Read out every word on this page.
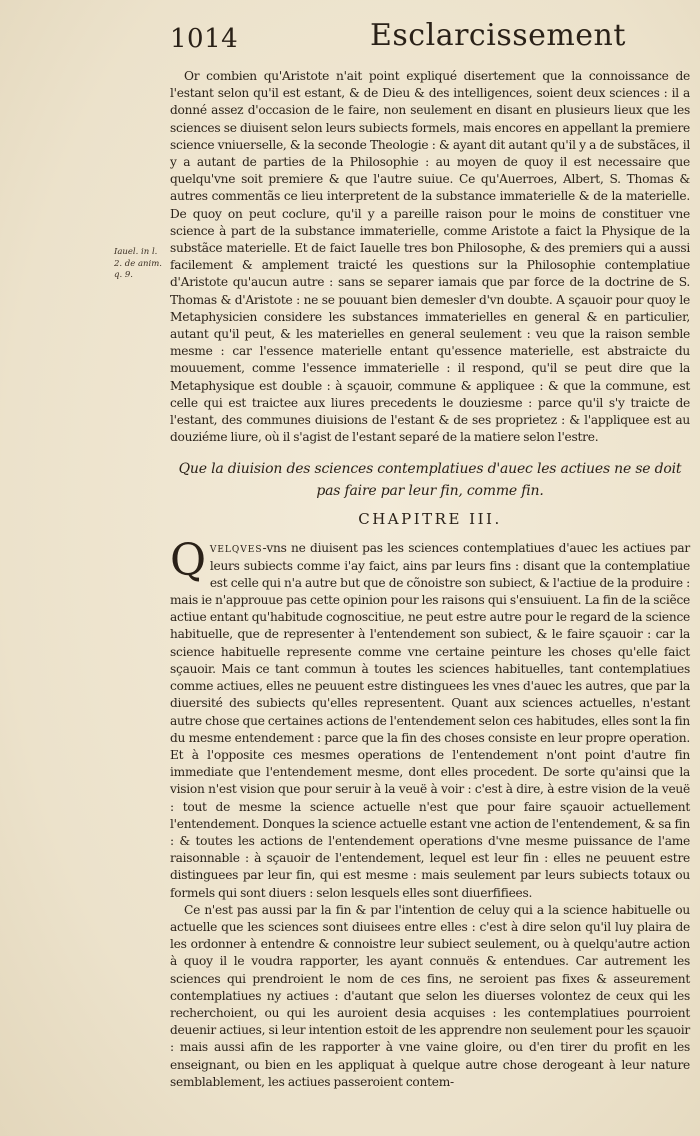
1014	Esclarcissement
Iauel. in l.
2. de anim.
q. 9.

Or combien qu'Aristote n'ait point expliqué disertement que la connoissance de l'estant selon qu'il est estant, & de Dieu & des intelligences, soient deux sciences : il a donné assez d'occasion de le faire, non seulement en disant en plusieurs lieux que les sciences se diuisent selon leurs subiects formels, mais encores en appellant la premiere science vniuerselle, & la seconde Theologie : & ayant dit autant qu'il y a de substãces, il y a autant de parties de la Philosophie : au moyen de quoy il est necessaire que quelqu'vne soit premiere & que l'autre suiue. Ce qu'Auerroes, Albert, S. Thomas & autres commentãs ce lieu interpretent de la substance immaterielle & de la materielle. De quoy on peut coclure, qu'il y a pareille raison pour le moins de constituer vne science à part de la substance immaterielle, comme Aristote a faict la Physique de la substãce materielle. Et de faict Iauelle tres bon Philosophe, & des premiers qui a aussi facilement & amplement traicté les questions sur la Philosophie contemplatiue d'Aristote qu'aucun autre : sans se separer iamais que par force de la doctrine de S. Thomas & d'Aristote : ne se pouuant bien demesler d'vn doubte. A sçauoir pour quoy le Metaphysicien considere les substances immaterielles en general & en particulier, autant qu'il peut, & les materielles en general seulement : veu que la raison semble mesme : car l'essence materielle entant qu'essence materielle, est abstraicte du mouuement, comme l'essence immaterielle : il respond, qu'il se peut dire que la Metaphysique est double : à sçauoir, commune & appliquee : & que la commune, est celle qui est traictee aux liures precedents le douziesme : parce qu'il s'y traicte de l'estant, des communes diuisions de l'estant & de ses proprietez : & l'appliquee est au douziéme liure, où il s'agist de l'estant separé de la matiere selon l'estre.

Que la diuision des sciences contemplatiues d'auec les actiues ne se doit
pas faire par leur fin, comme fin.
CHAPITRE III.

Qvelqves-vns ne diuisent pas les sciences contemplatiues d'auec les actiues par leurs subiects comme i'ay faict, ains par leurs fins : disant que la contemplatiue est celle qui n'a autre but que de cõnoistre son subiect, & l'actiue de la produire : mais ie n'approuue pas cette opinion pour les raisons qui s'ensuiuent. La fin de la sciẽce actiue entant qu'habitude cognoscitiue, ne peut estre autre pour le regard de la science habituelle, que de representer à l'entendement son subiect, & le faire sçauoir : car la science habituelle represente comme vne certaine peinture les choses qu'elle faict sçauoir. Mais ce tant commun à toutes les sciences habituelles, tant contemplatiues comme actiues, elles ne peuuent estre distinguees les vnes d'auec les autres, que par la diuersité des subiects qu'elles representent. Quant aux sciences actuelles, n'estant autre chose que certaines actions de l'entendement selon ces habitudes, elles sont la fin du mesme entendement : parce que la fin des choses consiste en leur propre operation. Et à l'opposite ces mesmes operations de l'entendement n'ont point d'autre fin immediate que l'entendement mesme, dont elles procedent. De sorte qu'ainsi que la vision n'est vision que pour seruir à la veuë à voir : c'est à dire, à estre vision de la veuë : tout de mesme la science actuelle n'est que pour faire sçauoir actuellement l'entendement. Donques la science actuelle estant vne action de l'entendement, & sa fin : & toutes les actions de l'entendement operations d'vne mesme puissance de l'ame raisonnable : à sçauoir de l'entendement, lequel est leur fin : elles ne peuuent estre distinguees par leur fin, qui est mesme : mais seulement par leurs subiects totaux ou formels qui sont diuers : selon lesquels elles sont diuerfifiees.

Ce n'est pas aussi par la fin & par l'intention de celuy qui a la science habituelle ou actuelle que les sciences sont diuisees entre elles : c'est à dire selon qu'il luy plaira de les ordonner à entendre & connoistre leur subiect seulement, ou à quelqu'autre action à quoy il le voudra rapporter, les ayant connuës & entendues. Car autrement les sciences qui prendroient le nom de ces fins, ne seroient pas fixes & asseurement contemplatiues ny actiues : d'autant que selon les diuerses volontez de ceux qui les recherchoient, ou qui les auroient desia acquises : les contemplatiues pourroient deuenir actiues, si leur intention estoit de les apprendre non seulement pour les sçauoir : mais aussi afin de les rapporter à vne vaine gloire, ou d'en tirer du profit en les enseignant, ou bien en les appliquat à quelque autre chose derogeant à leur nature semblablement, les actiues passeroient contem-
